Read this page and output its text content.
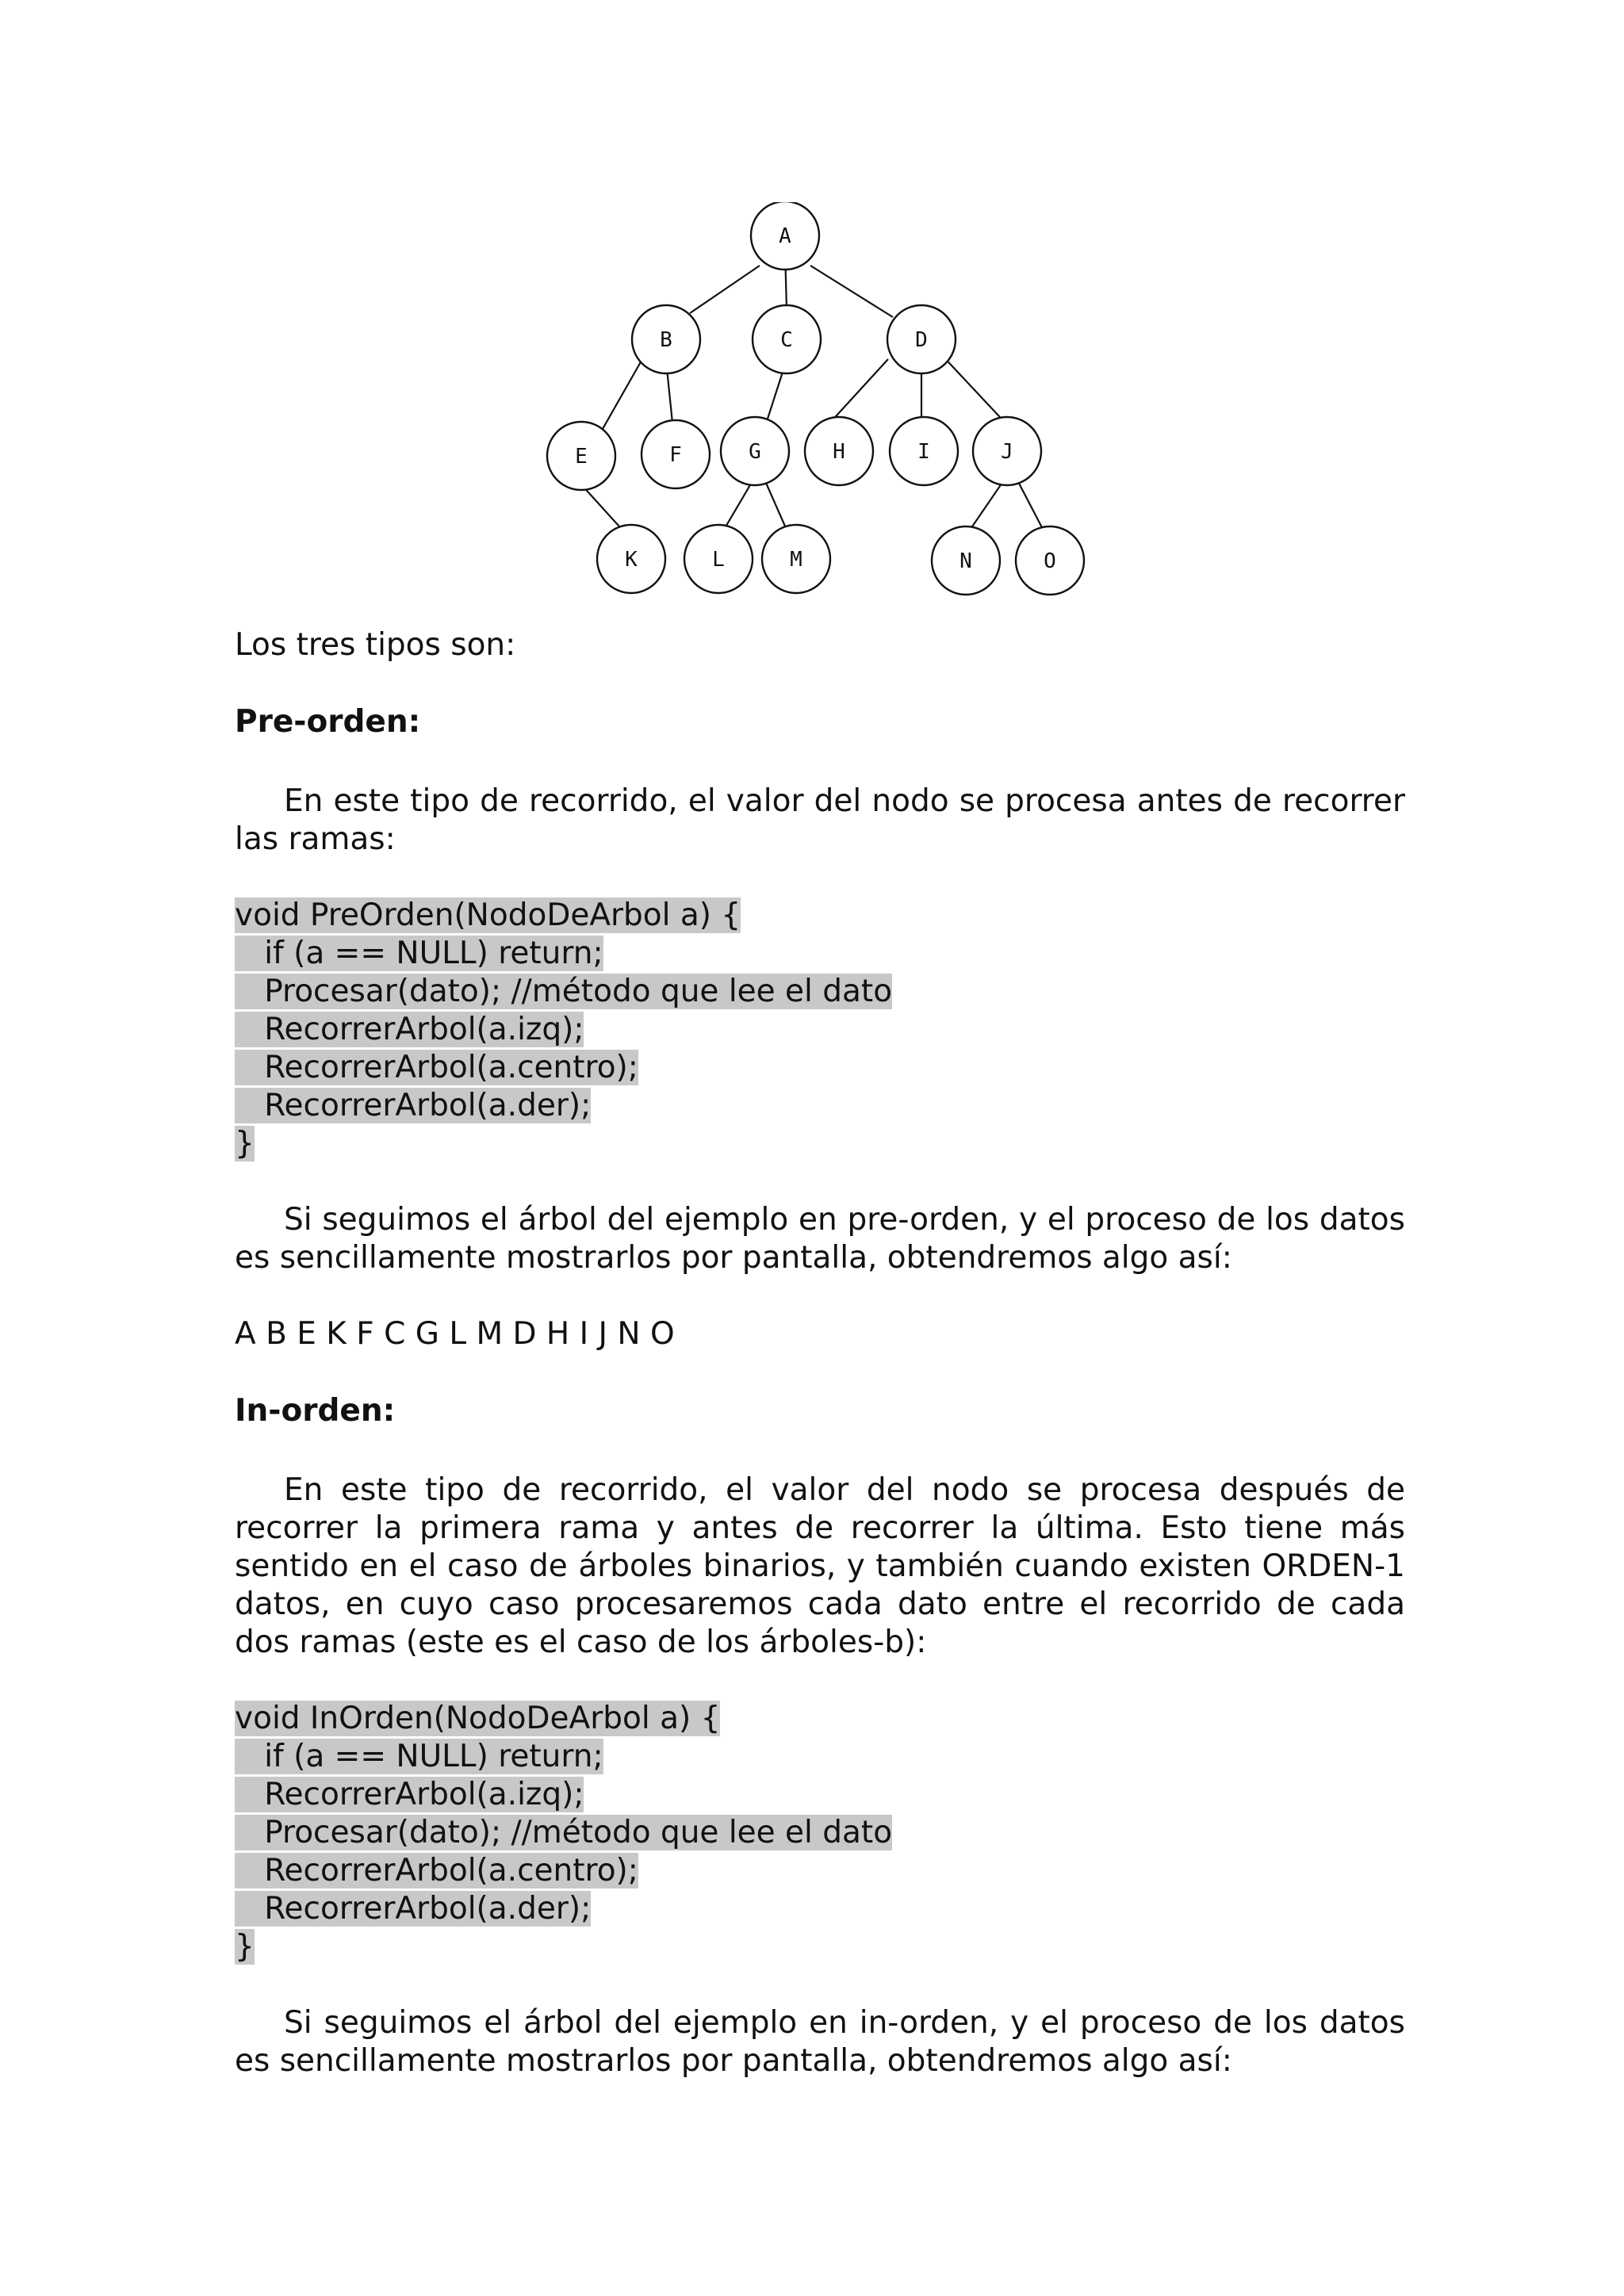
A
B	C	D
E	F	G	H	I	J
K	L	M	N	O

Los tres tipos son:

Pre-orden:

En este tipo de recorrido, el valor del nodo se procesa antes de recorrer las ramas:

void PreOrden(NodoDeArbol a) {
if (a == NULL) return;
Procesar(dato); //método que lee el dato
RecorrerArbol(a.izq);
RecorrerArbol(a.centro);
RecorrerArbol(a.der);
}

Si seguimos el árbol del ejemplo en pre-orden, y el proceso de los datos es sencillamente mostrarlos por pantalla, obtendremos algo así:

A B E K F C G L M D H I J N O

In-orden:

En este tipo de recorrido, el valor del nodo se procesa después de recorrer la primera rama y antes de recorrer la última. Esto tiene más sentido en el caso de árboles binarios, y también cuando existen ORDEN-1 datos, en cuyo caso procesaremos cada dato entre el recorrido de cada dos ramas (este es el caso de los árboles-b):

void InOrden(NodoDeArbol a) {
if (a == NULL) return;
RecorrerArbol(a.izq);
Procesar(dato); //método que lee el dato
RecorrerArbol(a.centro);
RecorrerArbol(a.der);
}

Si seguimos el árbol del ejemplo en in-orden, y el proceso de los datos es sencillamente mostrarlos por pantalla, obtendremos algo así:
